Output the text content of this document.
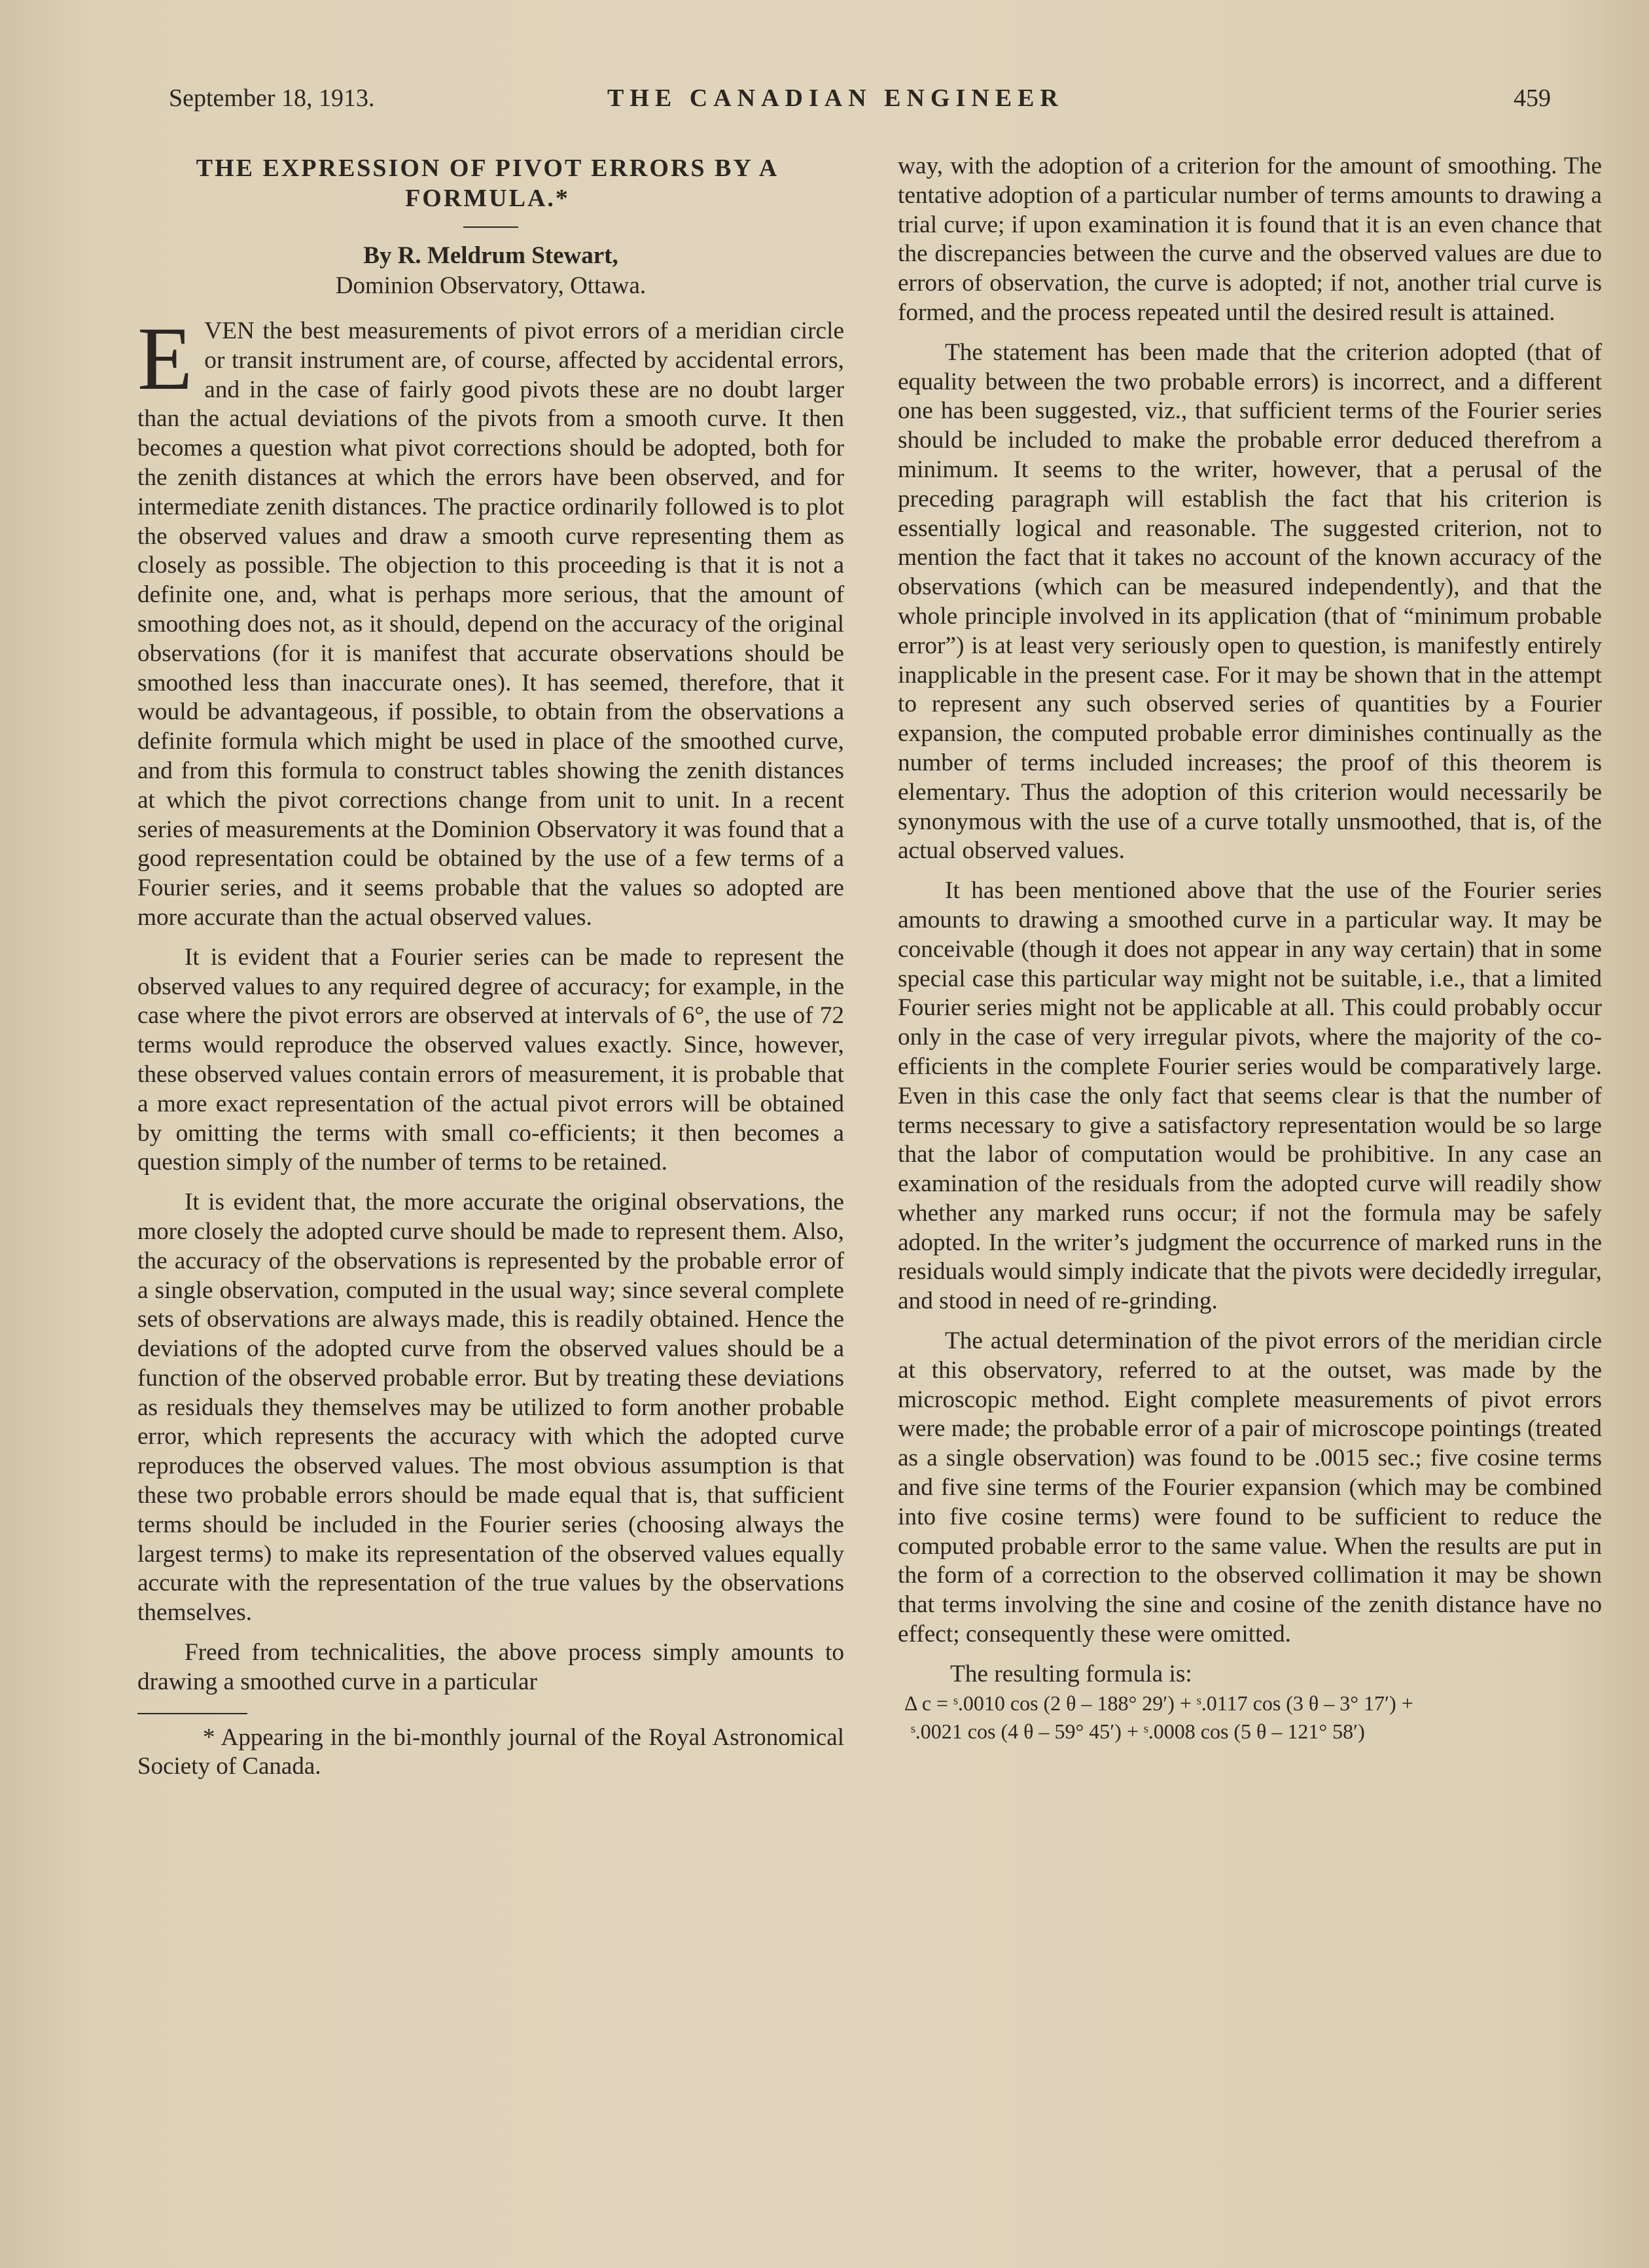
September 18, 1913.	THE CANADIAN ENGINEER	459
THE EXPRESSION OF PIVOT ERRORS BY A FORMULA.*
By R. Meldrum Stewart,
Dominion Observatory, Ottawa.

EVEN the best measurements of pivot errors of a meridian circle or transit instrument are, of course, affected by accidental errors, and in the case of fairly good pivots these are no doubt larger than the actual deviations of the pivots from a smooth curve. It then becomes a question what pivot corrections should be adopted, both for the zenith distances at which the errors have been observed, and for intermediate zenith distances. The practice ordinarily followed is to plot the observed values and draw a smooth curve representing them as closely as possible. The objection to this proceeding is that it is not a definite one, and, what is perhaps more serious, that the amount of smoothing does not, as it should, depend on the accuracy of the original observations (for it is manifest that accurate observations should be smoothed less than inaccurate ones). It has seemed, therefore, that it would be advantageous, if possible, to obtain from the observations a definite formula which might be used in place of the smoothed curve, and from this formula to construct tables showing the zenith distances at which the pivot corrections change from unit to unit. In a recent series of measurements at the Dominion Observatory it was found that a good representation could be obtained by the use of a few terms of a Fourier series, and it seems probable that the values so adopted are more accurate than the actual observed values.

It is evident that a Fourier series can be made to represent the observed values to any required degree of accuracy; for example, in the case where the pivot errors are observed at intervals of 6°, the use of 72 terms would reproduce the observed values exactly. Since, however, these observed values contain errors of measurement, it is probable that a more exact representation of the actual pivot errors will be obtained by omitting the terms with small co-efficients; it then becomes a question simply of the number of terms to be retained.

It is evident that, the more accurate the original observations, the more closely the adopted curve should be made to represent them. Also, the accuracy of the observations is represented by the probable error of a single observation, computed in the usual way; since several complete sets of observations are always made, this is readily obtained. Hence the deviations of the adopted curve from the observed values should be a function of the observed probable error. But by treating these deviations as residuals they themselves may be utilized to form another probable error, which represents the accuracy with which the adopted curve reproduces the observed values. The most obvious assumption is that these two probable errors should be made equal that is, that sufficient terms should be included in the Fourier series (choosing always the largest terms) to make its representation of the observed values equally accurate with the representation of the true values by the observations themselves.

Freed from technicalities, the above process simply amounts to drawing a smoothed curve in a particular

* Appearing in the bi-monthly journal of the Royal Astronomical Society of Canada.

way, with the adoption of a criterion for the amount of smoothing. The tentative adoption of a particular number of terms amounts to drawing a trial curve; if upon examination it is found that it is an even chance that the discrepancies between the curve and the observed values are due to errors of observation, the curve is adopted; if not, another trial curve is formed, and the process repeated until the desired result is attained.

The statement has been made that the criterion adopted (that of equality between the two probable errors) is incorrect, and a different one has been suggested, viz., that sufficient terms of the Fourier series should be included to make the probable error deduced therefrom a minimum. It seems to the writer, however, that a perusal of the preceding paragraph will establish the fact that his criterion is essentially logical and reasonable. The suggested criterion, not to mention the fact that it takes no account of the known accuracy of the observations (which can be measured independently), and that the whole principle involved in its application (that of “minimum probable error”) is at least very seriously open to question, is manifestly entirely inapplicable in the present case. For it may be shown that in the attempt to represent any such observed series of quantities by a Fourier expansion, the computed probable error diminishes continually as the number of terms included increases; the proof of this theorem is elementary. Thus the adoption of this criterion would necessarily be synonymous with the use of a curve totally unsmoothed, that is, of the actual observed values.

It has been mentioned above that the use of the Fourier series amounts to drawing a smoothed curve in a particular way. It may be conceivable (though it does not appear in any way certain) that in some special case this particular way might not be suitable, i.e., that a limited Fourier series might not be applicable at all. This could probably occur only in the case of very irregular pivots, where the majority of the co-efficients in the complete Fourier series would be comparatively large. Even in this case the only fact that seems clear is that the number of terms necessary to give a satisfactory representation would be so large that the labor of computation would be prohibitive. In any case an examination of the residuals from the adopted curve will readily show whether any marked runs occur; if not the formula may be safely adopted. In the writer’s judgment the occurrence of marked runs in the residuals would simply indicate that the pivots were decidedly irregular, and stood in need of re-grinding.

The actual determination of the pivot errors of the meridian circle at this observatory, referred to at the outset, was made by the microscopic method. Eight complete measurements of pivot errors were made; the probable error of a pair of microscope pointings (treated as a single observation) was found to be .0015 sec.; five cosine terms and five sine terms of the Fourier expansion (which may be combined into five cosine terms) were found to be sufficient to reduce the computed probable error to the same value. When the results are put in the form of a correction to the observed collimation it may be shown that terms involving the sine and cosine of the zenith distance have no effect; consequently these were omitted.

The resulting formula is:

Δ c = ˢ.0010 cos (2 θ – 188° 29′) + ˢ.0117 cos (3 θ – 3° 17′) +
ˢ.0021 cos (4 θ – 59° 45′) + ˢ.0008 cos (5 θ – 121° 58′)
